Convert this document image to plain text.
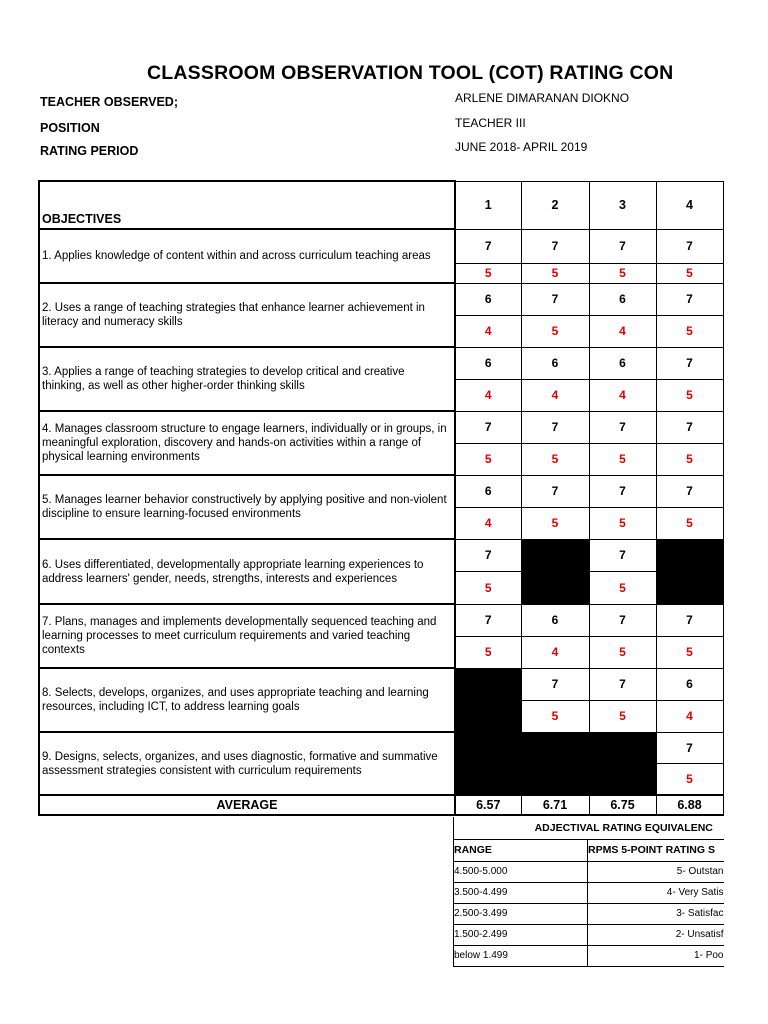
CLASSROOM OBSERVATION TOOL (COT) RATING CON
TEACHER OBSERVED;	ARLENE DIMARANAN DIOKNO
POSITION	TEACHER III
RATING PERIOD	JUNE 2018- APRIL 2019
OBJECTIVES	1	2	3	4
1. Applies knowledge of content within and across curriculum teaching areas	7	7	7	7
	5	5	5	5
2. Uses a range of teaching strategies that enhance learner achievement in literacy and numeracy skills	6	7	6	7
	4	5	4	5
3. Applies a range of teaching strategies to develop critical and creative thinking, as well as other higher-order thinking skills	6	6	6	7
	4	4	4	5
4. Manages classroom structure to engage learners, individually or in groups, in meaningful exploration, discovery and hands-on activities within a range of physical learning environments	7	7	7	7
	5	5	5	5
5. Manages learner behavior constructively by applying positive and non-violent discipline to ensure learning-focused environments	6	7	7	7
	4	5	5	5
6. Uses differentiated, developmentally appropriate learning experiences to address learners' gender, needs, strengths, interests and experiences	7		7	
	5		5	
7. Plans, manages and implements developmentally sequenced teaching and learning processes to meet curriculum requirements and varied teaching contexts	7	6	7	7
	5	4	5	5
8. Selects, develops, organizes, and uses appropriate teaching and learning resources, including ICT, to address learning goals		7	7	6
		5	5	4
9. Designs, selects, organizes, and uses diagnostic, formative and summative assessment strategies consistent with curriculum requirements				7
				5
AVERAGE	6.57	6.71	6.75	6.88
ADJECTIVAL RATING EQUIVALENC	
RANGE	RPMS 5-POINT RATING S
4.500-5.000	5- Outstan
3.500-4.499	4- Very Satis
2.500-3.499	3- Satisfac
1.500-2.499	2- Unsatisf
below 1.499	1- Poo
